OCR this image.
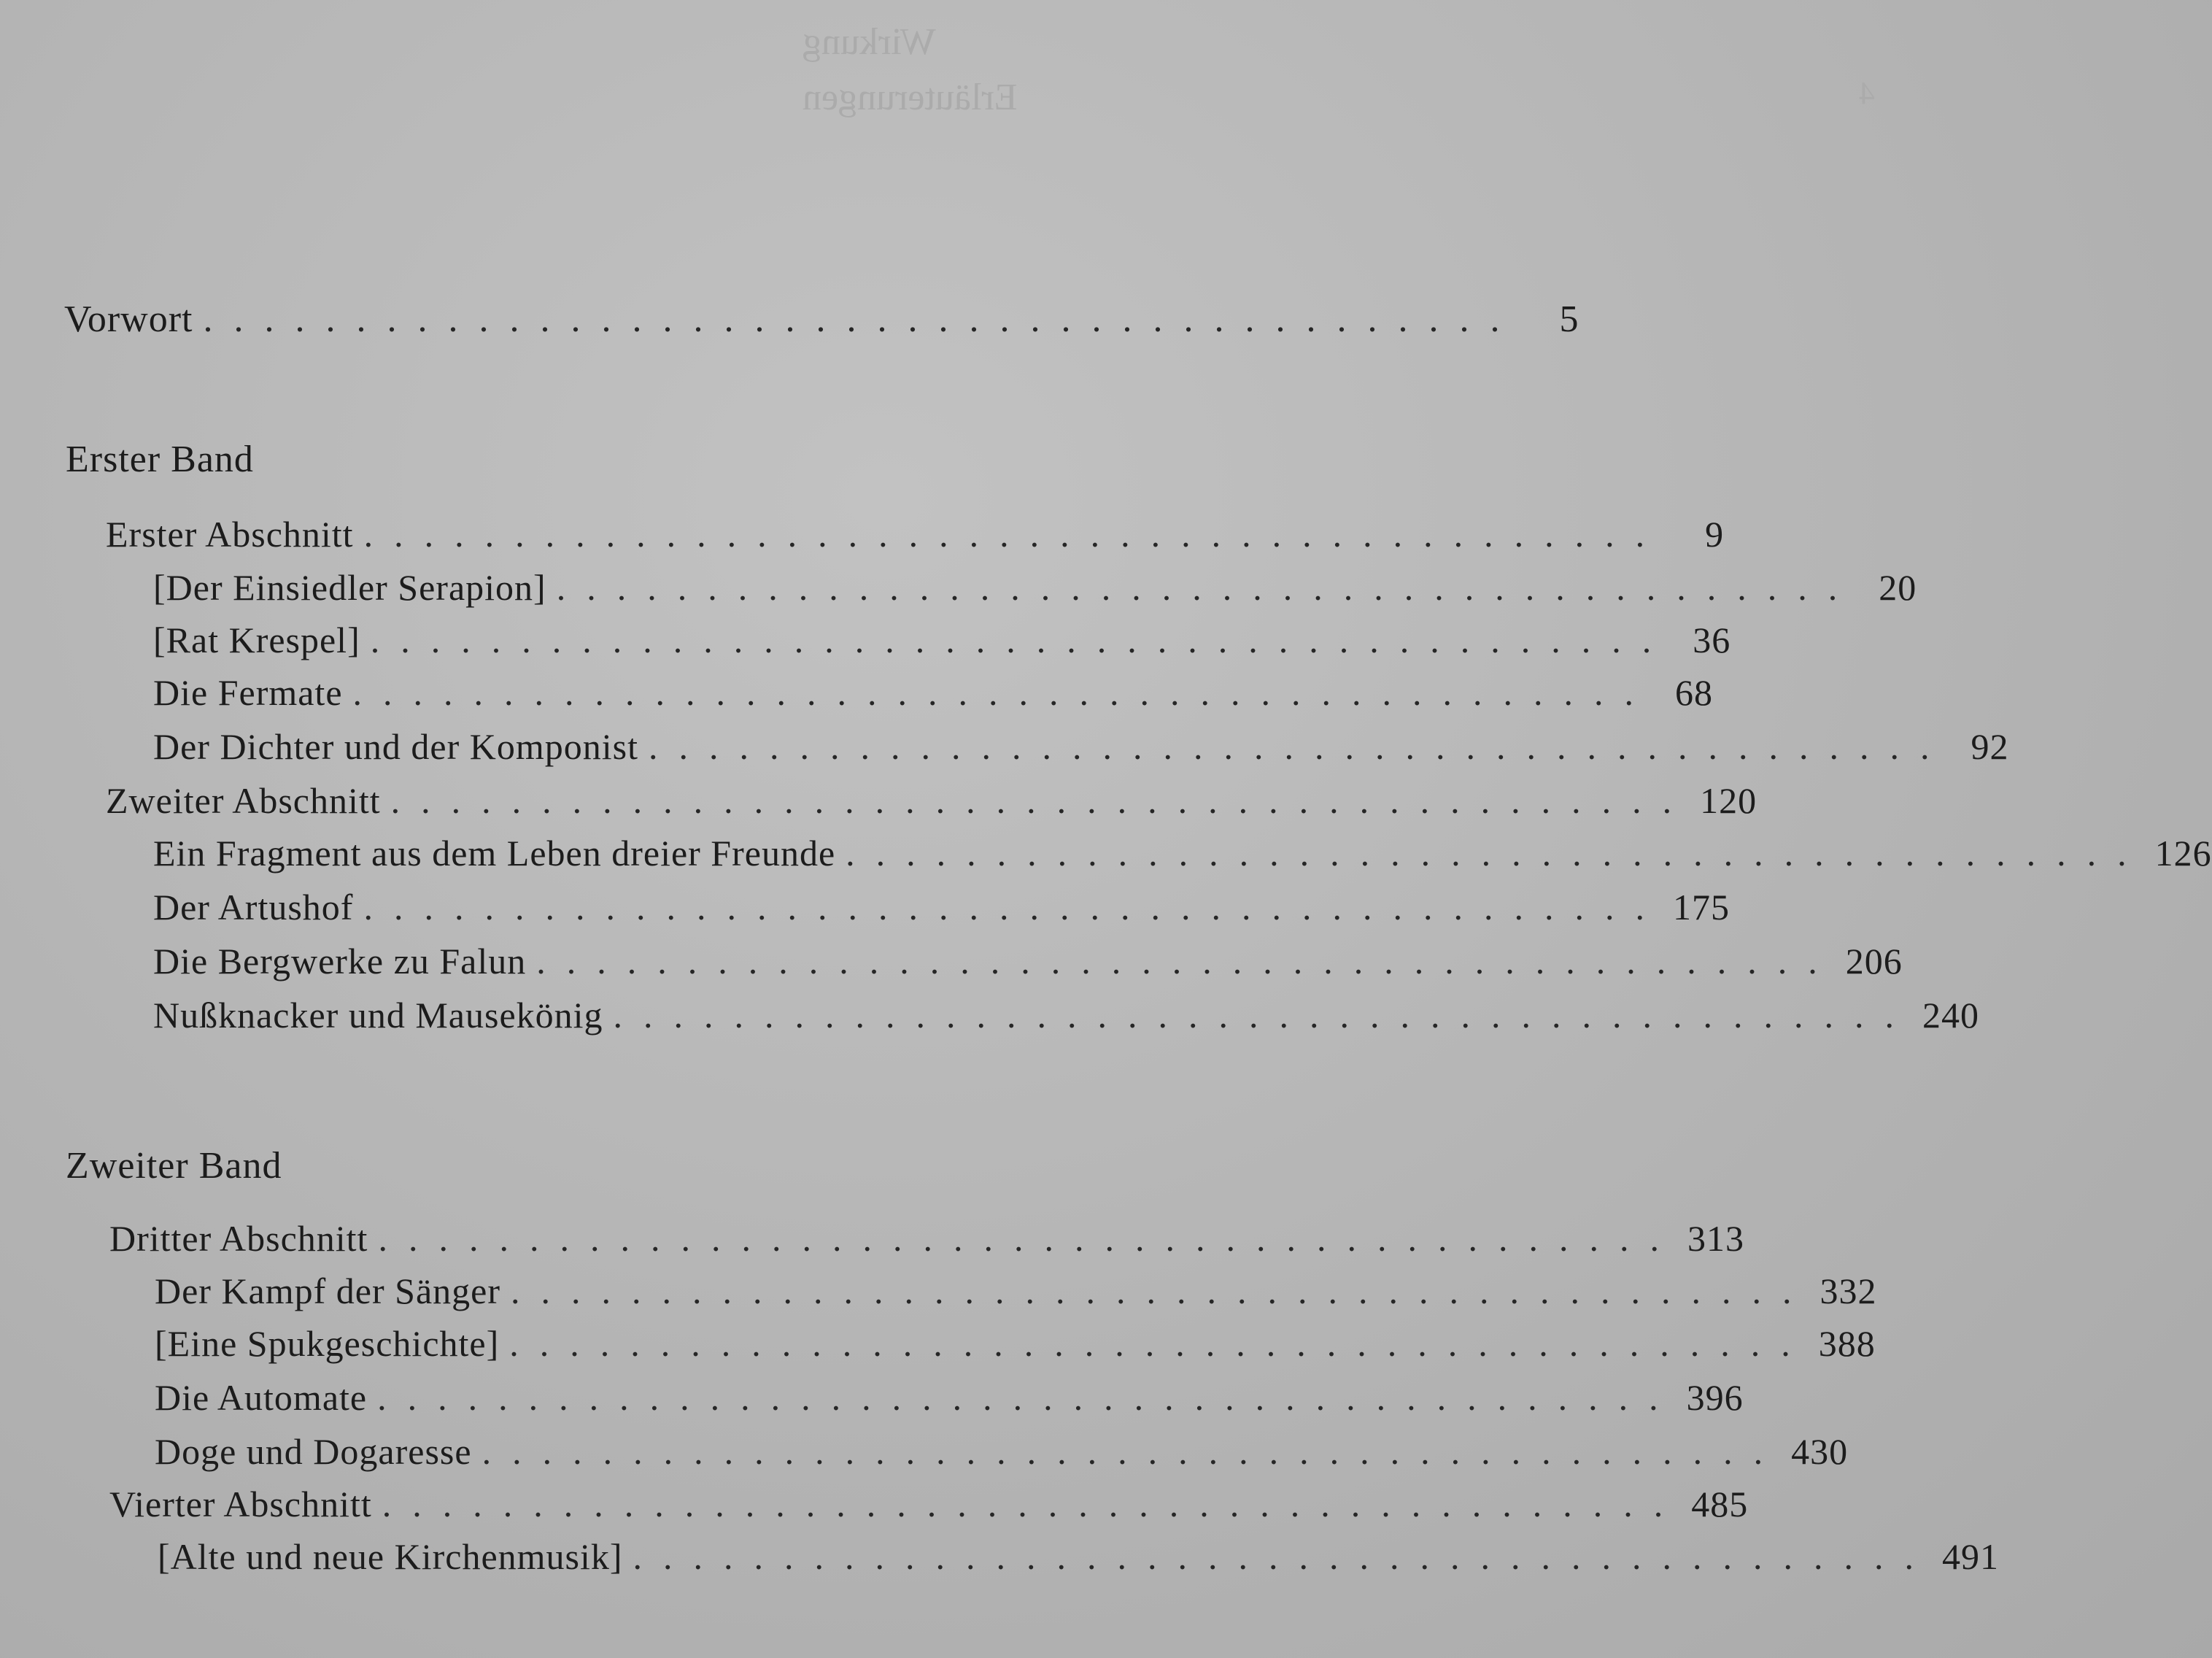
Wirkung
Erläuterungen	4
Vorwort ...........................................	5
Erster Band
Erster Abschnitt ...........................................	9
[Der Einsiedler Serapion] ........................................... 20
[Rat Krespel] ........................................... 36
Die Fermate ........................................... 68
Der Dichter und der Komponist ........................................... 92
Zweiter Abschnitt ........................................... 120
Ein Fragment aus dem Leben dreier Freunde ........................................... 126
Der Artushof ........................................... 175
Die Bergwerke zu Falun ........................................... 206
Nußknacker und Mausekönig ........................................... 240
Zweiter Band
Dritter Abschnitt ........................................... 313
Der Kampf der Sänger ........................................... 332
[Eine Spukgeschichte] ........................................... 388
Die Automate ........................................... 396
Doge und Dogaresse ........................................... 430
Vierter Abschnitt ........................................... 485
[Alte und neue Kirchenmusik] ........................................... 491
